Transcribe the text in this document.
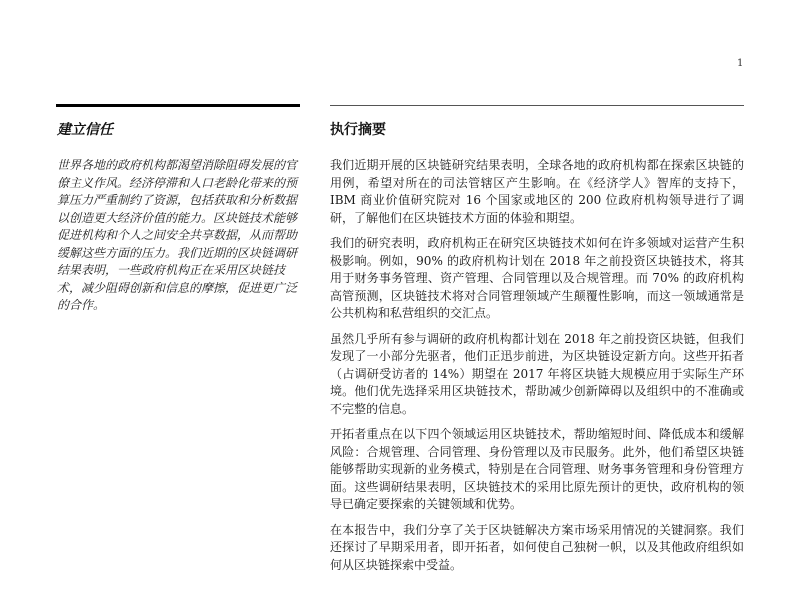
1
建立信任

世界各地的政府机构都渴望消除阻碍发展的官僚主义作风。经济停滞和人口老龄化带来的预算压力严重制约了资源，包括获取和分析数据以创造更大经济价值的能力。区块链技术能够促进机构和个人之间安全共享数据，从而帮助缓解这些方面的压力。我们近期的区块链调研结果表明，一些政府机构正在采用区块链技术，减少阻碍创新和信息的摩擦，促进更广泛的合作。

执行摘要

我们近期开展的区块链研究结果表明，全球各地的政府机构都在探索区块链的用例，希望对所在的司法管辖区产生影响。在《经济学人》智库的支持下，IBM 商业价值研究院对 16 个国家或地区的 200 位政府机构领导进行了调研，了解他们在区块链技术方面的体验和期望。

我们的研究表明，政府机构正在研究区块链技术如何在许多领域对运营产生积极影响。例如，90% 的政府机构计划在 2018 年之前投资区块链技术，将其用于财务事务管理、资产管理、合同管理以及合规管理。而 70% 的政府机构高管预测，区块链技术将对合同管理领域产生颠覆性影响，而这一领域通常是公共机构和私营组织的交汇点。

虽然几乎所有参与调研的政府机构都计划在 2018 年之前投资区块链，但我们发现了一小部分先驱者，他们正迅步前进，为区块链设定新方向。这些开拓者（占调研受访者的 14%）期望在 2017 年将区块链大规模应用于实际生产环境。他们优先选择采用区块链技术，帮助减少创新障碍以及组织中的不准确或不完整的信息。

开拓者重点在以下四个领域运用区块链技术，帮助缩短时间、降低成本和缓解风险：合规管理、合同管理、身份管理以及市民服务。此外，他们希望区块链能够帮助实现新的业务模式，特别是在合同管理、财务事务管理和身份管理方面。这些调研结果表明，区块链技术的采用比原先预计的更快，政府机构的领导已确定要探索的关键领域和优势。

在本报告中，我们分享了关于区块链解决方案市场采用情况的关键洞察。我们还探讨了早期采用者，即开拓者，如何使自己独树一帜，以及其他政府组织如何从区块链探索中受益。
